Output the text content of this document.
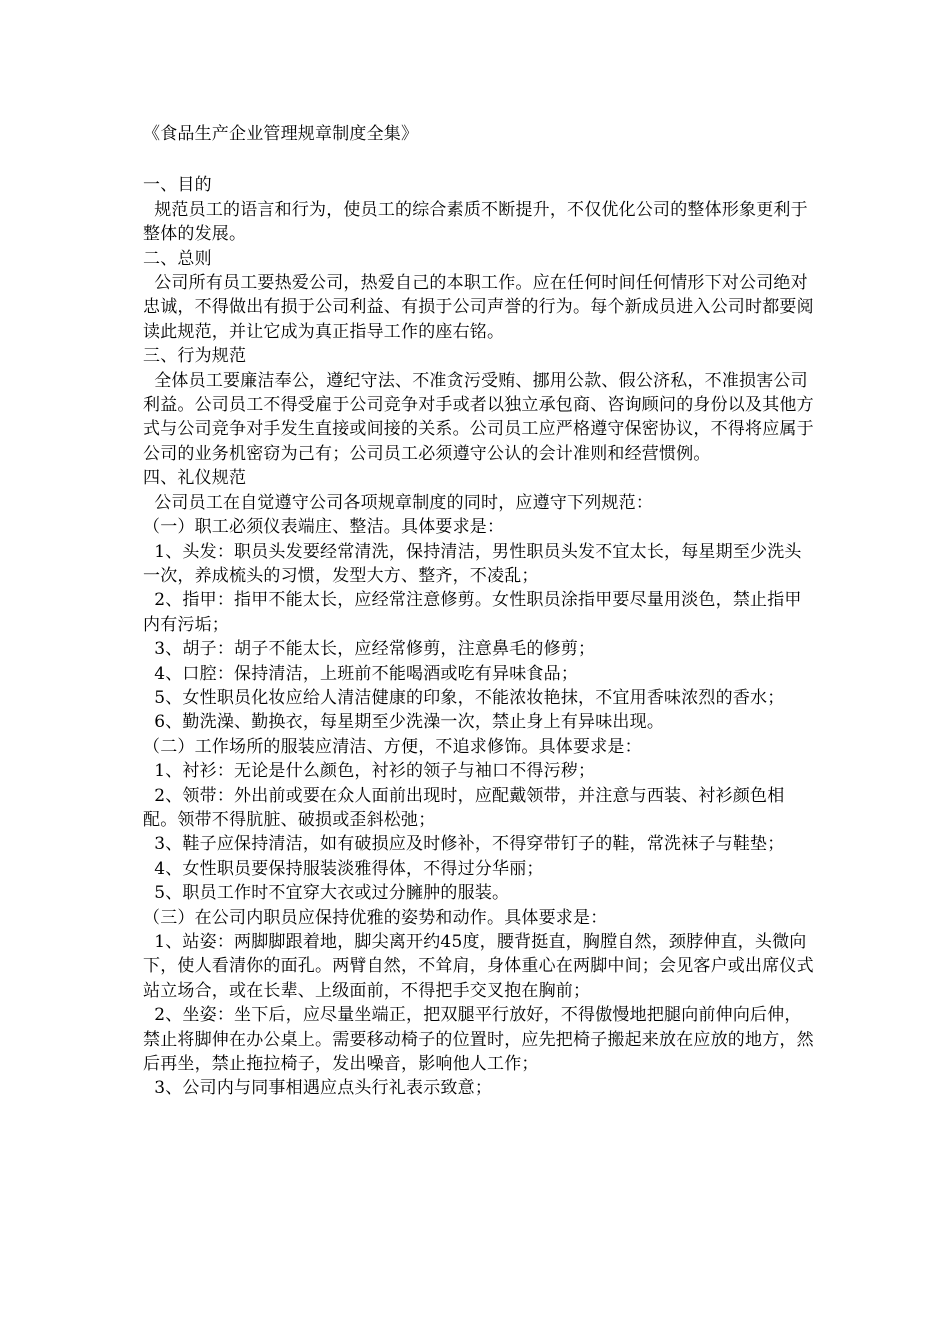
《食品生产企业管理规章制度全集》

一、目的

规范员工的语言和行为，使员工的综合素质不断提升，不仅优化公司的整体形象更利于整体的发展。

二、总则

公司所有员工要热爱公司，热爱自己的本职工作。应在任何时间任何情形下对公司绝对忠诚，不得做出有损于公司利益、有损于公司声誉的行为。每个新成员进入公司时都要阅读此规范，并让它成为真正指导工作的座右铭。

三、行为规范

全体员工要廉洁奉公，遵纪守法、不准贪污受贿、挪用公款、假公济私，不准损害公司利益。公司员工不得受雇于公司竞争对手或者以独立承包商、咨询顾问的身份以及其他方式与公司竞争对手发生直接或间接的关系。公司员工应严格遵守保密协议，不得将应属于公司的业务机密窃为己有；公司员工必须遵守公认的会计准则和经营惯例。

四、礼仪规范

公司员工在自觉遵守公司各项规章制度的同时，应遵守下列规范：

（一）职工必须仪表端庄、整洁。具体要求是：

1、头发：职员头发要经常清洗，保持清洁，男性职员头发不宜太长，每星期至少洗头一次，养成梳头的习惯，发型大方、整齐，不凌乱；

2、指甲：指甲不能太长，应经常注意修剪。女性职员涂指甲要尽量用淡色，禁止指甲内有污垢；

3、胡子：胡子不能太长，应经常修剪，注意鼻毛的修剪；

4、口腔：保持清洁，上班前不能喝酒或吃有异味食品；

5、女性职员化妆应给人清洁健康的印象，不能浓妆艳抹，不宜用香味浓烈的香水；

6、勤洗澡、勤换衣，每星期至少洗澡一次，禁止身上有异味出现。

（二）工作场所的服装应清洁、方便，不追求修饰。具体要求是：

1、衬衫：无论是什么颜色，衬衫的领子与袖口不得污秽；

2、领带：外出前或要在众人面前出现时，应配戴领带，并注意与西装、衬衫颜色相配。领带不得肮脏、破损或歪斜松弛；

3、鞋子应保持清洁，如有破损应及时修补，不得穿带钉子的鞋，常洗袜子与鞋垫；

4、女性职员要保持服装淡雅得体，不得过分华丽；

5、职员工作时不宜穿大衣或过分臃肿的服装。

（三）在公司内职员应保持优雅的姿势和动作。具体要求是：

1、站姿：两脚脚跟着地，脚尖离开约45度，腰背挺直，胸膛自然，颈脖伸直，头微向下，使人看清你的面孔。两臂自然，不耸肩，身体重心在两脚中间；会见客户或出席仪式站立场合，或在长辈、上级面前，不得把手交叉抱在胸前；

2、坐姿：坐下后，应尽量坐端正，把双腿平行放好，不得傲慢地把腿向前伸向后伸，禁止将脚伸在办公桌上。需要移动椅子的位置时，应先把椅子搬起来放在应放的地方，然后再坐，禁止拖拉椅子，发出噪音，影响他人工作；

3、公司内与同事相遇应点头行礼表示致意；
